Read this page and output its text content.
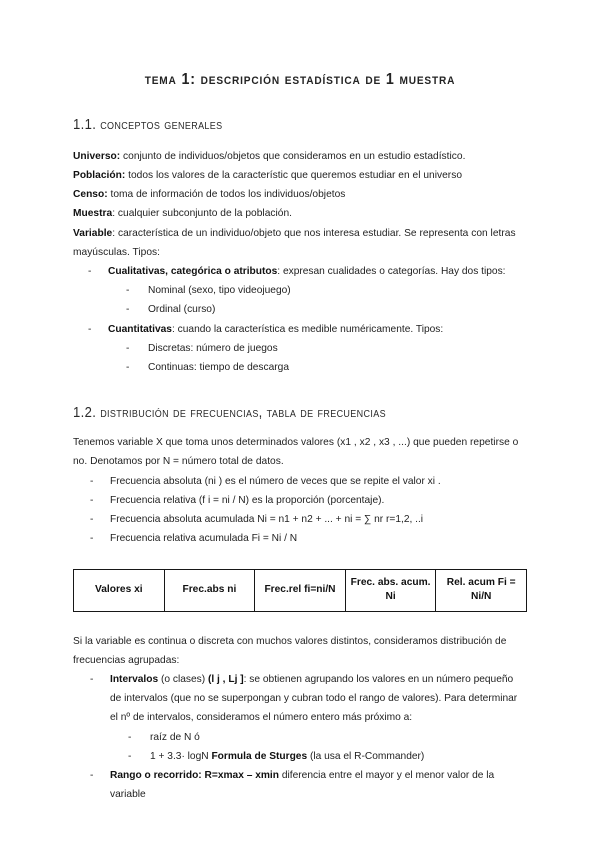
tema 1: descripción estadística de 1 muestra
1.1. conceptos generales

Universo: conjunto de individuos/objetos que consideramos en un estudio estadístico.

Población: todos los valores de la característic que queremos estudiar en el universo

Censo: toma de información de todos los individuos/objetos

Muestra: cualquier subconjunto de la población.

Variable: característica de un individuo/objeto que nos interesa estudiar. Se representa con letras mayúsculas. Tipos:

- Cualitativas, categórica o atributos: expresan cualidades o categorías. Hay dos tipos:
- Nominal (sexo, tipo videojuego)
- Ordinal (curso)
- Cuantitativas: cuando la característica es medible numéricamente. Tipos:
- Discretas: número de juegos
- Continuas: tiempo de descarga
1.2. distribución de frecuencias, tabla de frecuencias

Tenemos variable X que toma unos determinados valores (x1 , x2 , x3 , ...) que pueden repetirse o no. Denotamos por N = número total de datos.

- Frecuencia absoluta (ni ) es el número de veces que se repite el valor xi .
- Frecuencia relativa (f i = ni / N) es la proporción (porcentaje).
- Frecuencia absoluta acumulada Ni = n1 + n2 + ... + ni = ∑ nr r=1,2, ..i
- Frecuencia relativa acumulada Fi = Ni / N
Valores xi	Frec.abs ni	Frec.rel fi=ni/N	Frec. abs. acum. Ni	Rel. acum Fi = Ni/N

Si la variable es continua o discreta con muchos valores distintos, consideramos distribución de frecuencias agrupadas:

- Intervalos (o clases) (l j , Lj ]: se obtienen agrupando los valores en un número pequeño de intervalos (que no se superpongan y cubran todo el rango de valores). Para determinar el nº de intervalos, consideramos el número entero más próximo a:
- raíz de N ó
- 1 + 3.3· logN Formula de Sturges (la usa el R-Commander)
- Rango o recorrido: R=xmax – xmin diferencia entre el mayor y el menor valor de la variable
